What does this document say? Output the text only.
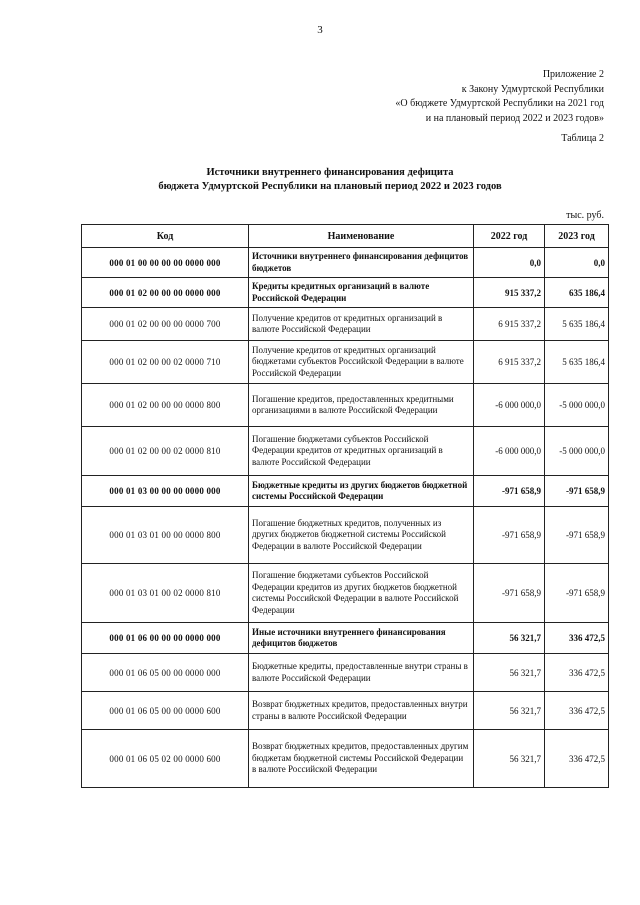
3
Приложение 2
к Закону Удмуртской Республики
«О бюджете Удмуртской Республики на 2021 год
и на плановый период 2022 и 2023 годов»
Таблица 2
Источники внутреннего финансирования дефицита
бюджета Удмуртской Республики на плановый период 2022 и 2023 годов
тыс. руб.
Код	Наименование	2022 год	2023 год
000 01 00 00 00 00 0000 000	Источники внутреннего финансирования дефицитов бюджетов	0,0	0,0
000 01 02 00 00 00 0000 000	Кредиты кредитных организаций в валюте Российской Федерации	915 337,2	635 186,4
000 01 02 00 00 00 0000 700	Получение кредитов от кредитных организаций в валюте Российской Федерации	6 915 337,2	5 635 186,4
000 01 02 00 00 02 0000 710	Получение кредитов от кредитных организаций бюджетами субъектов Российской Федерации в валюте Российской Федерации	6 915 337,2	5 635 186,4
000 01 02 00 00 00 0000 800	Погашение кредитов, предоставленных кредитными организациями в валюте Российской Федерации	-6 000 000,0	-5 000 000,0
000 01 02 00 00 02 0000 810	Погашение бюджетами субъектов Российской Федерации кредитов от кредитных организаций в валюте Российской Федерации	-6 000 000,0	-5 000 000,0
000 01 03 00 00 00 0000 000	Бюджетные кредиты из других бюджетов бюджетной системы Российской Федерации	-971 658,9	-971 658,9
000 01 03 01 00 00 0000 800	Погашение бюджетных кредитов, полученных из других бюджетов бюджетной системы Российской Федерации в валюте Российской Федерации	-971 658,9	-971 658,9
000 01 03 01 00 02 0000 810	Погашение бюджетами субъектов Российской Федерации кредитов из других бюджетов бюджетной системы Российской Федерации в валюте Российской Федерации	-971 658,9	-971 658,9
000 01 06 00 00 00 0000 000	Иные источники внутреннего финансирования дефицитов бюджетов	56 321,7	336 472,5
000 01 06 05 00 00 0000 000	Бюджетные кредиты, предоставленные внутри страны в валюте Российской Федерации	56 321,7	336 472,5
000 01 06 05 00 00 0000 600	Возврат бюджетных кредитов, предоставленных внутри страны в валюте Российской Федерации	56 321,7	336 472,5
000 01 06 05 02 00 0000 600	Возврат бюджетных кредитов, предоставленных другим бюджетам бюджетной системы Российской Федерации в валюте Российской Федерации	56 321,7	336 472,5
